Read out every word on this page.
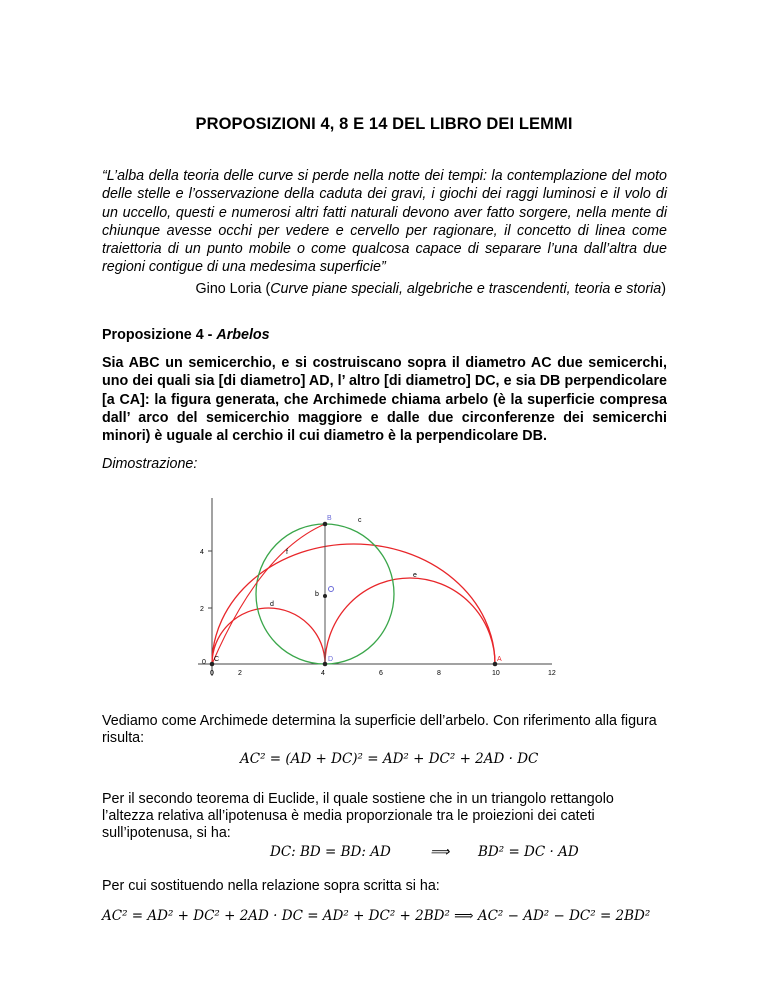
PROPOSIZIONI 4, 8 E 14 DEL LIBRO DEI LEMMI
“L’alba della teoria delle curve si perde nella notte dei tempi: la contemplazione del moto delle stelle e l’osservazione della caduta dei gravi, i giochi dei raggi luminosi e il volo di un uccello, questi e numerosi altri fatti naturali devono aver fatto sorgere, nella mente di chiunque avesse occhi per vedere e cervello per ragionare, il concetto di linea come traiettoria di un punto mobile o come qualcosa capace di separare l’una dall’altra due regioni contigue di una medesima superficie”
Gino Loria (Curve piane speciali, algebriche e trascendenti, teoria e storia)
Proposizione 4 - Arbelos
Sia ABC un semicerchio, e si costruiscano sopra il diametro AC due semicerchi, uno dei quali sia [di diametro] AD, l’ altro [di diametro] DC, e sia DB perpendicolare [a CA]: la figura generata, che Archimede chiama arbelo (è la superficie compresa dall’ arco del semicerchio maggiore e dalle due circonferenze dei semicerchi minori) è uguale al cerchio il cui diametro è la perpendicolare DB.
Dimostrazione:
4
2
0
0	2	4	6	8	10	12
B
C	D	A
b
c
e
d
f
Vediamo come Archimede determina la superficie dell’arbelo. Con riferimento alla figura risulta:
AC² = (AD + DC)² = AD² + DC² + 2AD · DC
Per il secondo teorema di Euclide, il quale sostiene che in un triangolo rettangolo l’altezza relativa all’ipotenusa è media proporzionale tra le proiezioni dei cateti sull’ipotenusa, si ha:
DC: BD = BD: AD	⟹ BD² = DC · AD
Per cui sostituendo nella relazione sopra scritta si ha:
AC² = AD² + DC² + 2AD · DC = AD² + DC² + 2BD² ⟹ AC² − AD² − DC² = 2BD²
